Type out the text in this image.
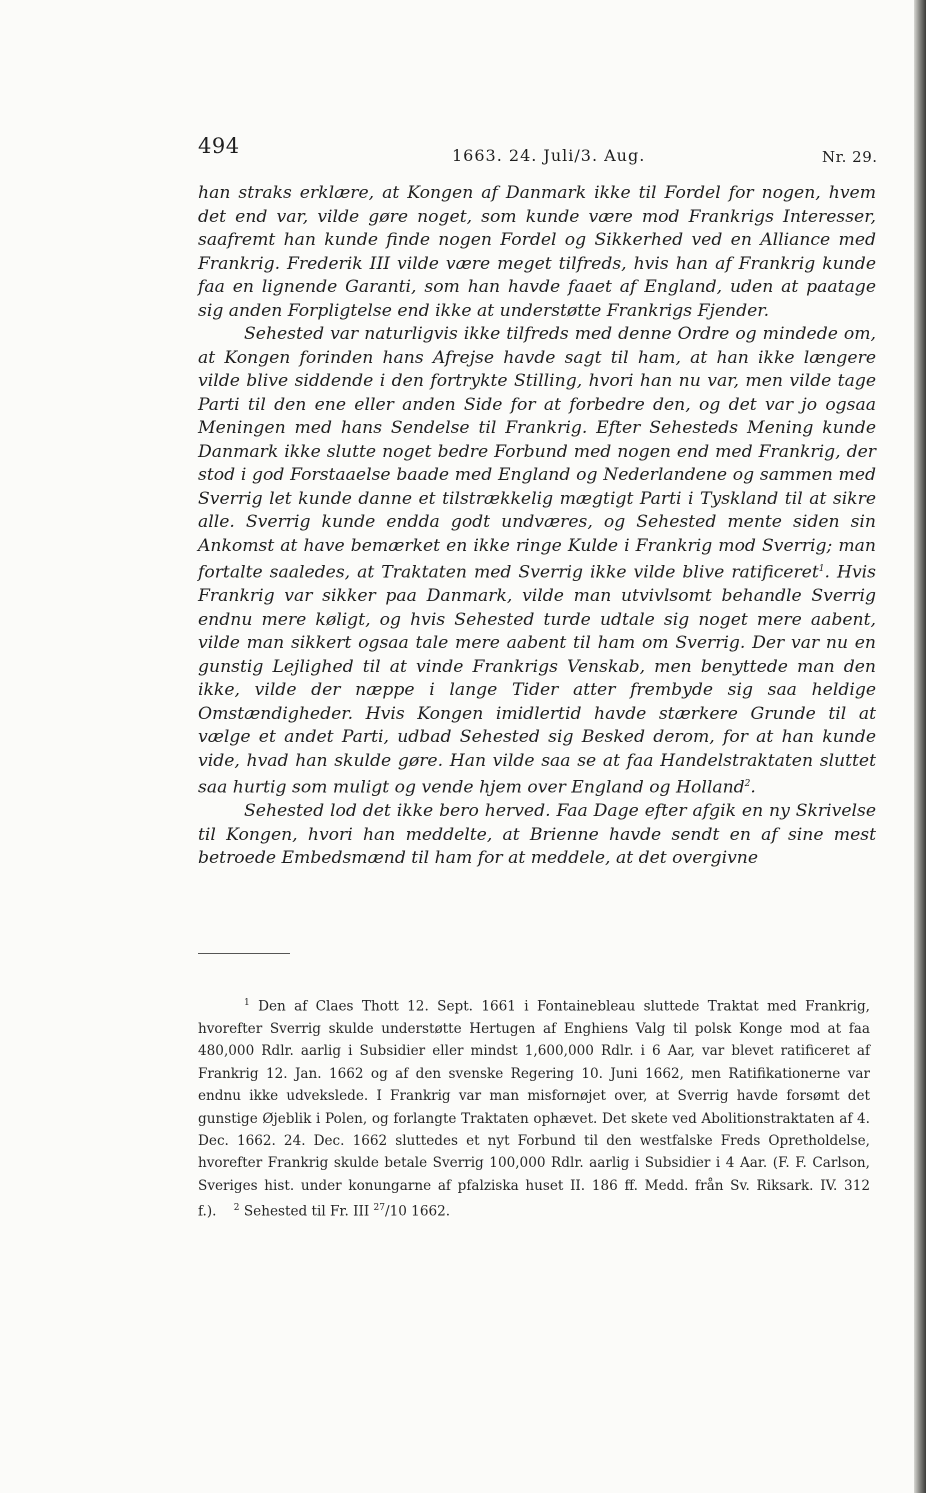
494	1663. 24. Juli/3. Aug.	Nr. 29.

han straks erklære, at Kongen af Danmark ikke til Fordel for nogen, hvem det end var, vilde gøre noget, som kunde være mod Frankrigs Interesser, saafremt han kunde finde nogen Fordel og Sikkerhed ved en Alliance med Frankrig. Frederik III vilde være meget tilfreds, hvis han af Frankrig kunde faa en lignende Garanti, som han havde faaet af England, uden at paatage sig anden Forpligtelse end ikke at understøtte Frankrigs Fjender.

Sehested var naturligvis ikke tilfreds med denne Ordre og mindede om, at Kongen forinden hans Afrejse havde sagt til ham, at han ikke længere vilde blive siddende i den fortrykte Stilling, hvori han nu var, men vilde tage Parti til den ene eller anden Side for at forbedre den, og det var jo ogsaa Meningen med hans Sendelse til Frankrig. Efter Sehesteds Mening kunde Danmark ikke slutte noget bedre Forbund med nogen end med Frankrig, der stod i god Forstaaelse baade med England og Nederlandene og sammen med Sverrig let kunde danne et tilstrækkelig mægtigt Parti i Tyskland til at sikre alle. Sverrig kunde endda godt undværes, og Sehested mente siden sin Ankomst at have bemærket en ikke ringe Kulde i Frankrig mod Sverrig; man fortalte saaledes, at Traktaten med Sverrig ikke vilde blive ratificeret$^1$. Hvis Frankrig var sikker paa Danmark, vilde man utvivlsomt behandle Sverrig endnu mere køligt, og hvis Sehested turde udtale sig noget mere aabent, vilde man sikkert ogsaa tale mere aabent til ham om Sverrig. Der var nu en gunstig Lejlighed til at vinde Frankrigs Venskab, men benyttede man den ikke, vilde der næppe i lange Tider atter frembyde sig saa heldige Omstændigheder. Hvis Kongen imidlertid havde stærkere Grunde til at vælge et andet Parti, udbad Sehested sig Besked derom, for at han kunde vide, hvad han skulde gøre. Han vilde saa se at faa Handelstraktaten sluttet saa hurtig som muligt og vende hjem over England og Holland$^2$.

Sehested lod det ikke bero herved. Faa Dage efter afgik en ny Skrivelse til Kongen, hvori han meddelte, at Brienne havde sendt en af sine mest betroede Embedsmænd til ham for at meddele, at det overgivne

$^1$ Den af Claes Thott 12. Sept. 1661 i Fontainebleau sluttede Traktat med Frankrig, hvorefter Sverrig skulde understøtte Hertugen af Enghiens Valg til polsk Konge mod at faa 480,000 Rdlr. aarlig i Subsidier eller mindst 1,600,000 Rdlr. i 6 Aar, var blevet ratificeret af Frankrig 12. Jan. 1662 og af den svenske Regering 10. Juni 1662, men Ratifikationerne var endnu ikke udvekslede. I Frankrig var man misfornøjet over, at Sverrig havde forsømt det gunstige Øjeblik i Polen, og forlangte Traktaten ophævet. Det skete ved Abolitionstraktaten af 4. Dec. 1662. 24. Dec. 1662 sluttedes et nyt Forbund til den westfalske Freds Opretholdelse, hvorefter Frankrig skulde betale Sverrig 100,000 Rdlr. aarlig i Subsidier i 4 Aar. (F. F. Carlson, Sveriges hist. under konungarne af pfalziska huset II. 186 ff. Medd. från Sv. Riksark. IV. 312 f.). $^2$ Sehested til Fr. III $^{27}$/10 1662.
